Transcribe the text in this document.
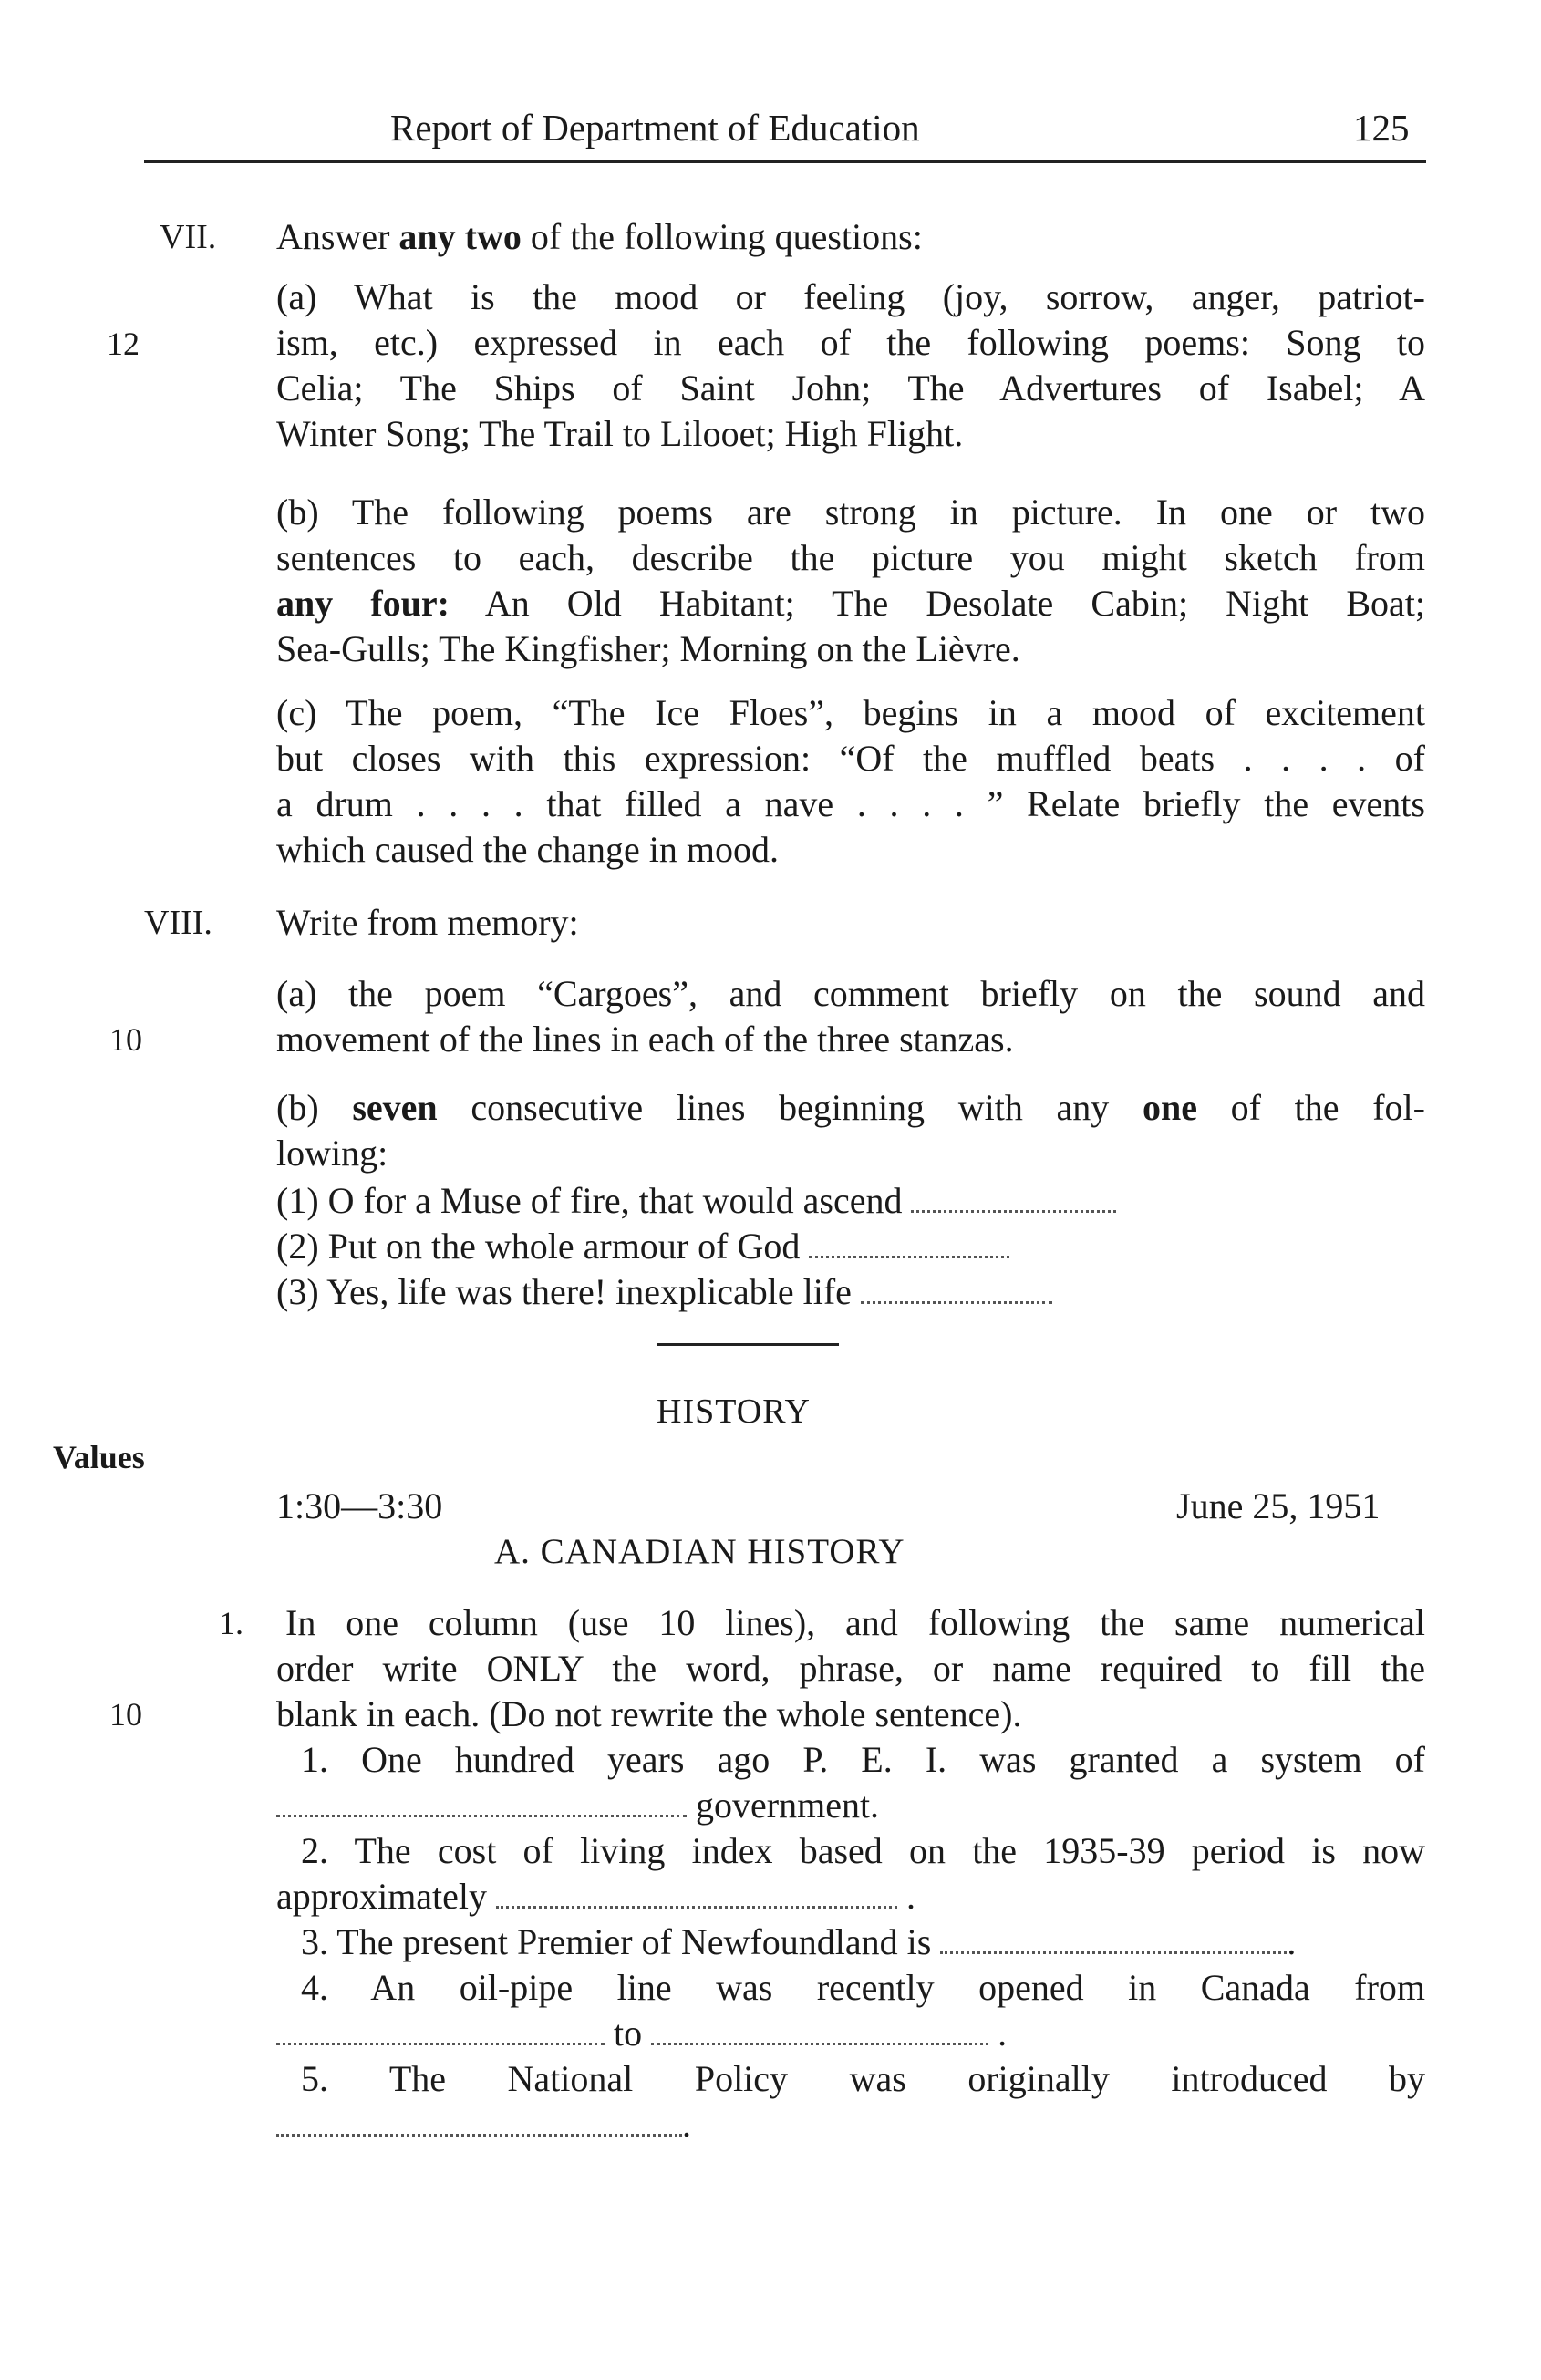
Report of Department of Education	125
VII. Answer any two of the following questions:
12
(a) What is the mood or feeling (joy, sorrow, anger, patriot-
ism, etc.) expressed in each of the following poems: Song to
Celia; The Ships of Saint John; The Advertures of Isabel; A
Winter Song; The Trail to Lilooet; High Flight.
(b) The following poems are strong in picture. In one or two
sentences to each, describe the picture you might sketch from
any four: An Old Habitant; The Desolate Cabin; Night Boat;
Sea-Gulls; The Kingfisher; Morning on the Lièvre.
(c) The poem, “The Ice Floes”, begins in a mood of excitement
but closes with this expression: “Of the muffled beats . . . . of
a drum . . . . that filled a nave . . . . ” Relate briefly the events
which caused the change in mood.
VIII. Write from memory:
10
(a) the poem “Cargoes”, and comment briefly on the sound and
movement of the lines in each of the three stanzas.
(b) seven consecutive lines beginning with any one of the fol-
lowing:
(1) O for a Muse of fire, that would ascend
(2) Put on the whole armour of God
(3) Yes, life was there! inexplicable life
HISTORY
Values
1:30—3:30	June 25, 1951
A. CANADIAN HISTORY
1.
10
In one column (use 10 lines), and following the same numerical
order write ONLY the word, phrase, or name required to fill the
blank in each. (Do not rewrite the whole sentence).
1. One hundred years ago P. E. I. was granted a system of
government.
2. The cost of living index based on the 1935-39 period is now
approximately	.
3. The present Premier of Newfoundland is	.
4. An oil-pipe line was recently opened in Canada from
to	.
5. The National Policy was originally introduced by
.
